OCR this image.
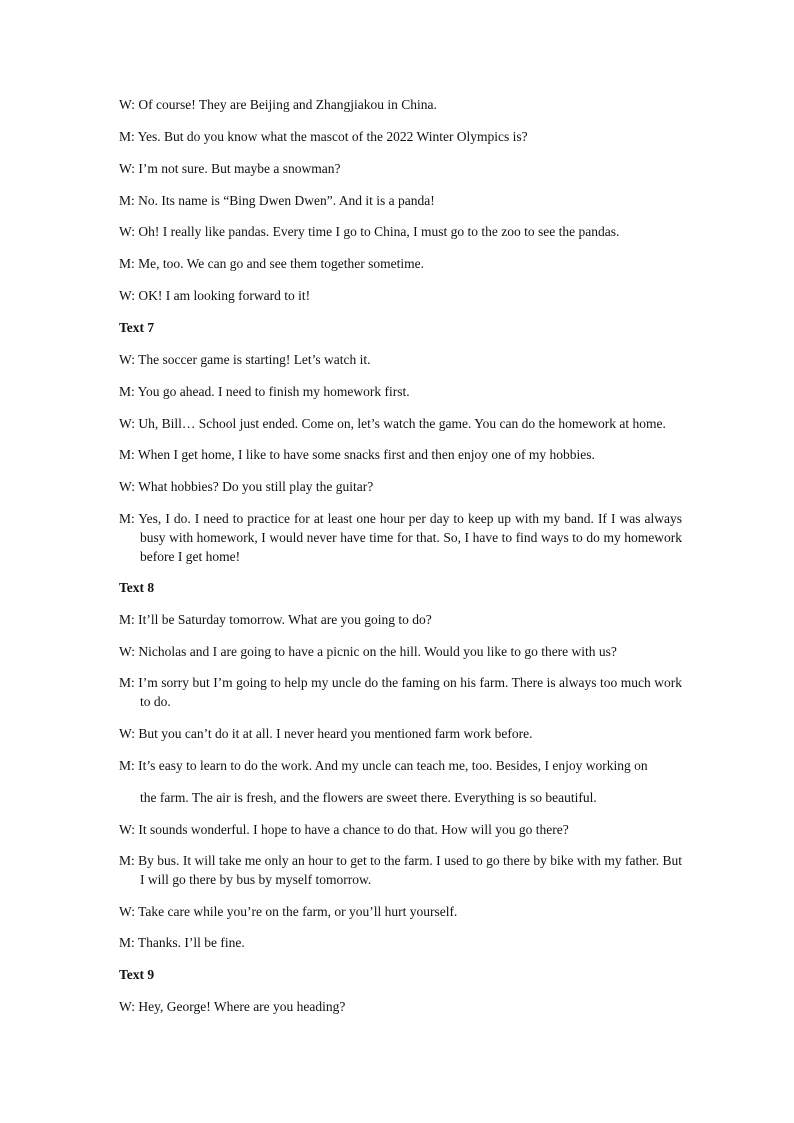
W: Of course! They are Beijing and Zhangjiakou in China.
M: Yes. But do you know what the mascot of the 2022 Winter Olympics is?
W: I’m not sure. But maybe a snowman?
M: No. Its name is “Bing Dwen Dwen”. And it is a panda!
W: Oh! I really like pandas. Every time I go to China, I must go to the zoo to see the pandas.
M: Me, too. We can go and see them together sometime.
W: OK! I am looking forward to it!
Text 7
W: The soccer game is starting! Let’s watch it.
M: You go ahead. I need to finish my homework first.
W: Uh, Bill… School just ended. Come on, let’s watch the game. You can do the homework at home.
M: When I get home, I like to have some snacks first and then enjoy one of my hobbies.
W: What hobbies? Do you still play the guitar?
M: Yes, I do. I need to practice for at least one hour per day to keep up with my band. If I was always busy with homework, I would never have time for that. So, I have to find ways to do my homework before I get home!
Text 8
M: It’ll be Saturday tomorrow. What are you going to do?
W: Nicholas and I are going to have a picnic on the hill. Would you like to go there with us?
M: I’m sorry but I’m going to help my uncle do the faming on his farm. There is always too much work to do.
W: But you can’t do it at all. I never heard you mentioned farm work before.
M: It’s easy to learn to do the work. And my uncle can teach me, too. Besides, I enjoy working on
the farm. The air is fresh, and the flowers are sweet there. Everything is so beautiful.
W: It sounds wonderful. I hope to have a chance to do that. How will you go there?
M: By bus. It will take me only an hour to get to the farm. I used to go there by bike with my father. But I will go there by bus by myself tomorrow.
W: Take care while you’re on the farm, or you’ll hurt yourself.
M: Thanks. I’ll be fine.
Text 9
W: Hey, George! Where are you heading?
